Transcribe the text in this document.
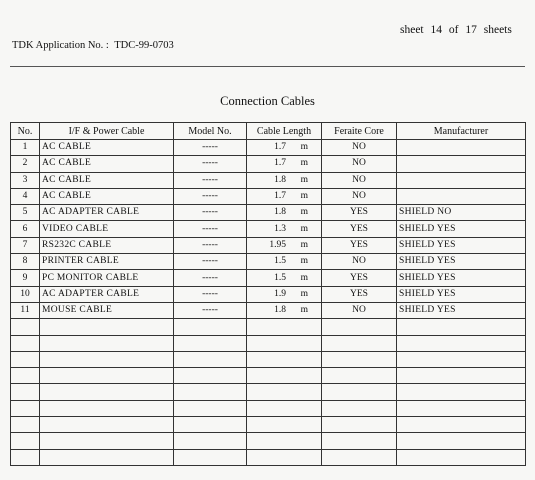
sheet 14 of 17 sheets
TDK Application No. : TDC-99-0703
Connection Cables
No.	I/F & Power Cable	Model No.	Cable Length	Feraite Core	Manufacturer
1	AC CABLE	-----	1.7 m	NO	
2	AC CABLE	-----	1.7 m	NO	
3	AC CABLE	-----	1.8 m	NO	
4	AC CABLE	-----	1.7 m	NO	
5	AC ADAPTER CABLE	-----	1.8 m	YES	SHIELD NO
6	VIDEO CABLE	-----	1.3 m	YES	SHIELD YES
7	RS232C CABLE	-----	1.95 m	YES	SHIELD YES
8	PRINTER CABLE	-----	1.5 m	NO	SHIELD YES
9	PC MONITOR CABLE	-----	1.5 m	YES	SHIELD YES
10	AC ADAPTER CABLE	-----	1.9 m	YES	SHIELD YES
11	MOUSE CABLE	-----	1.8 m	NO	SHIELD YES
